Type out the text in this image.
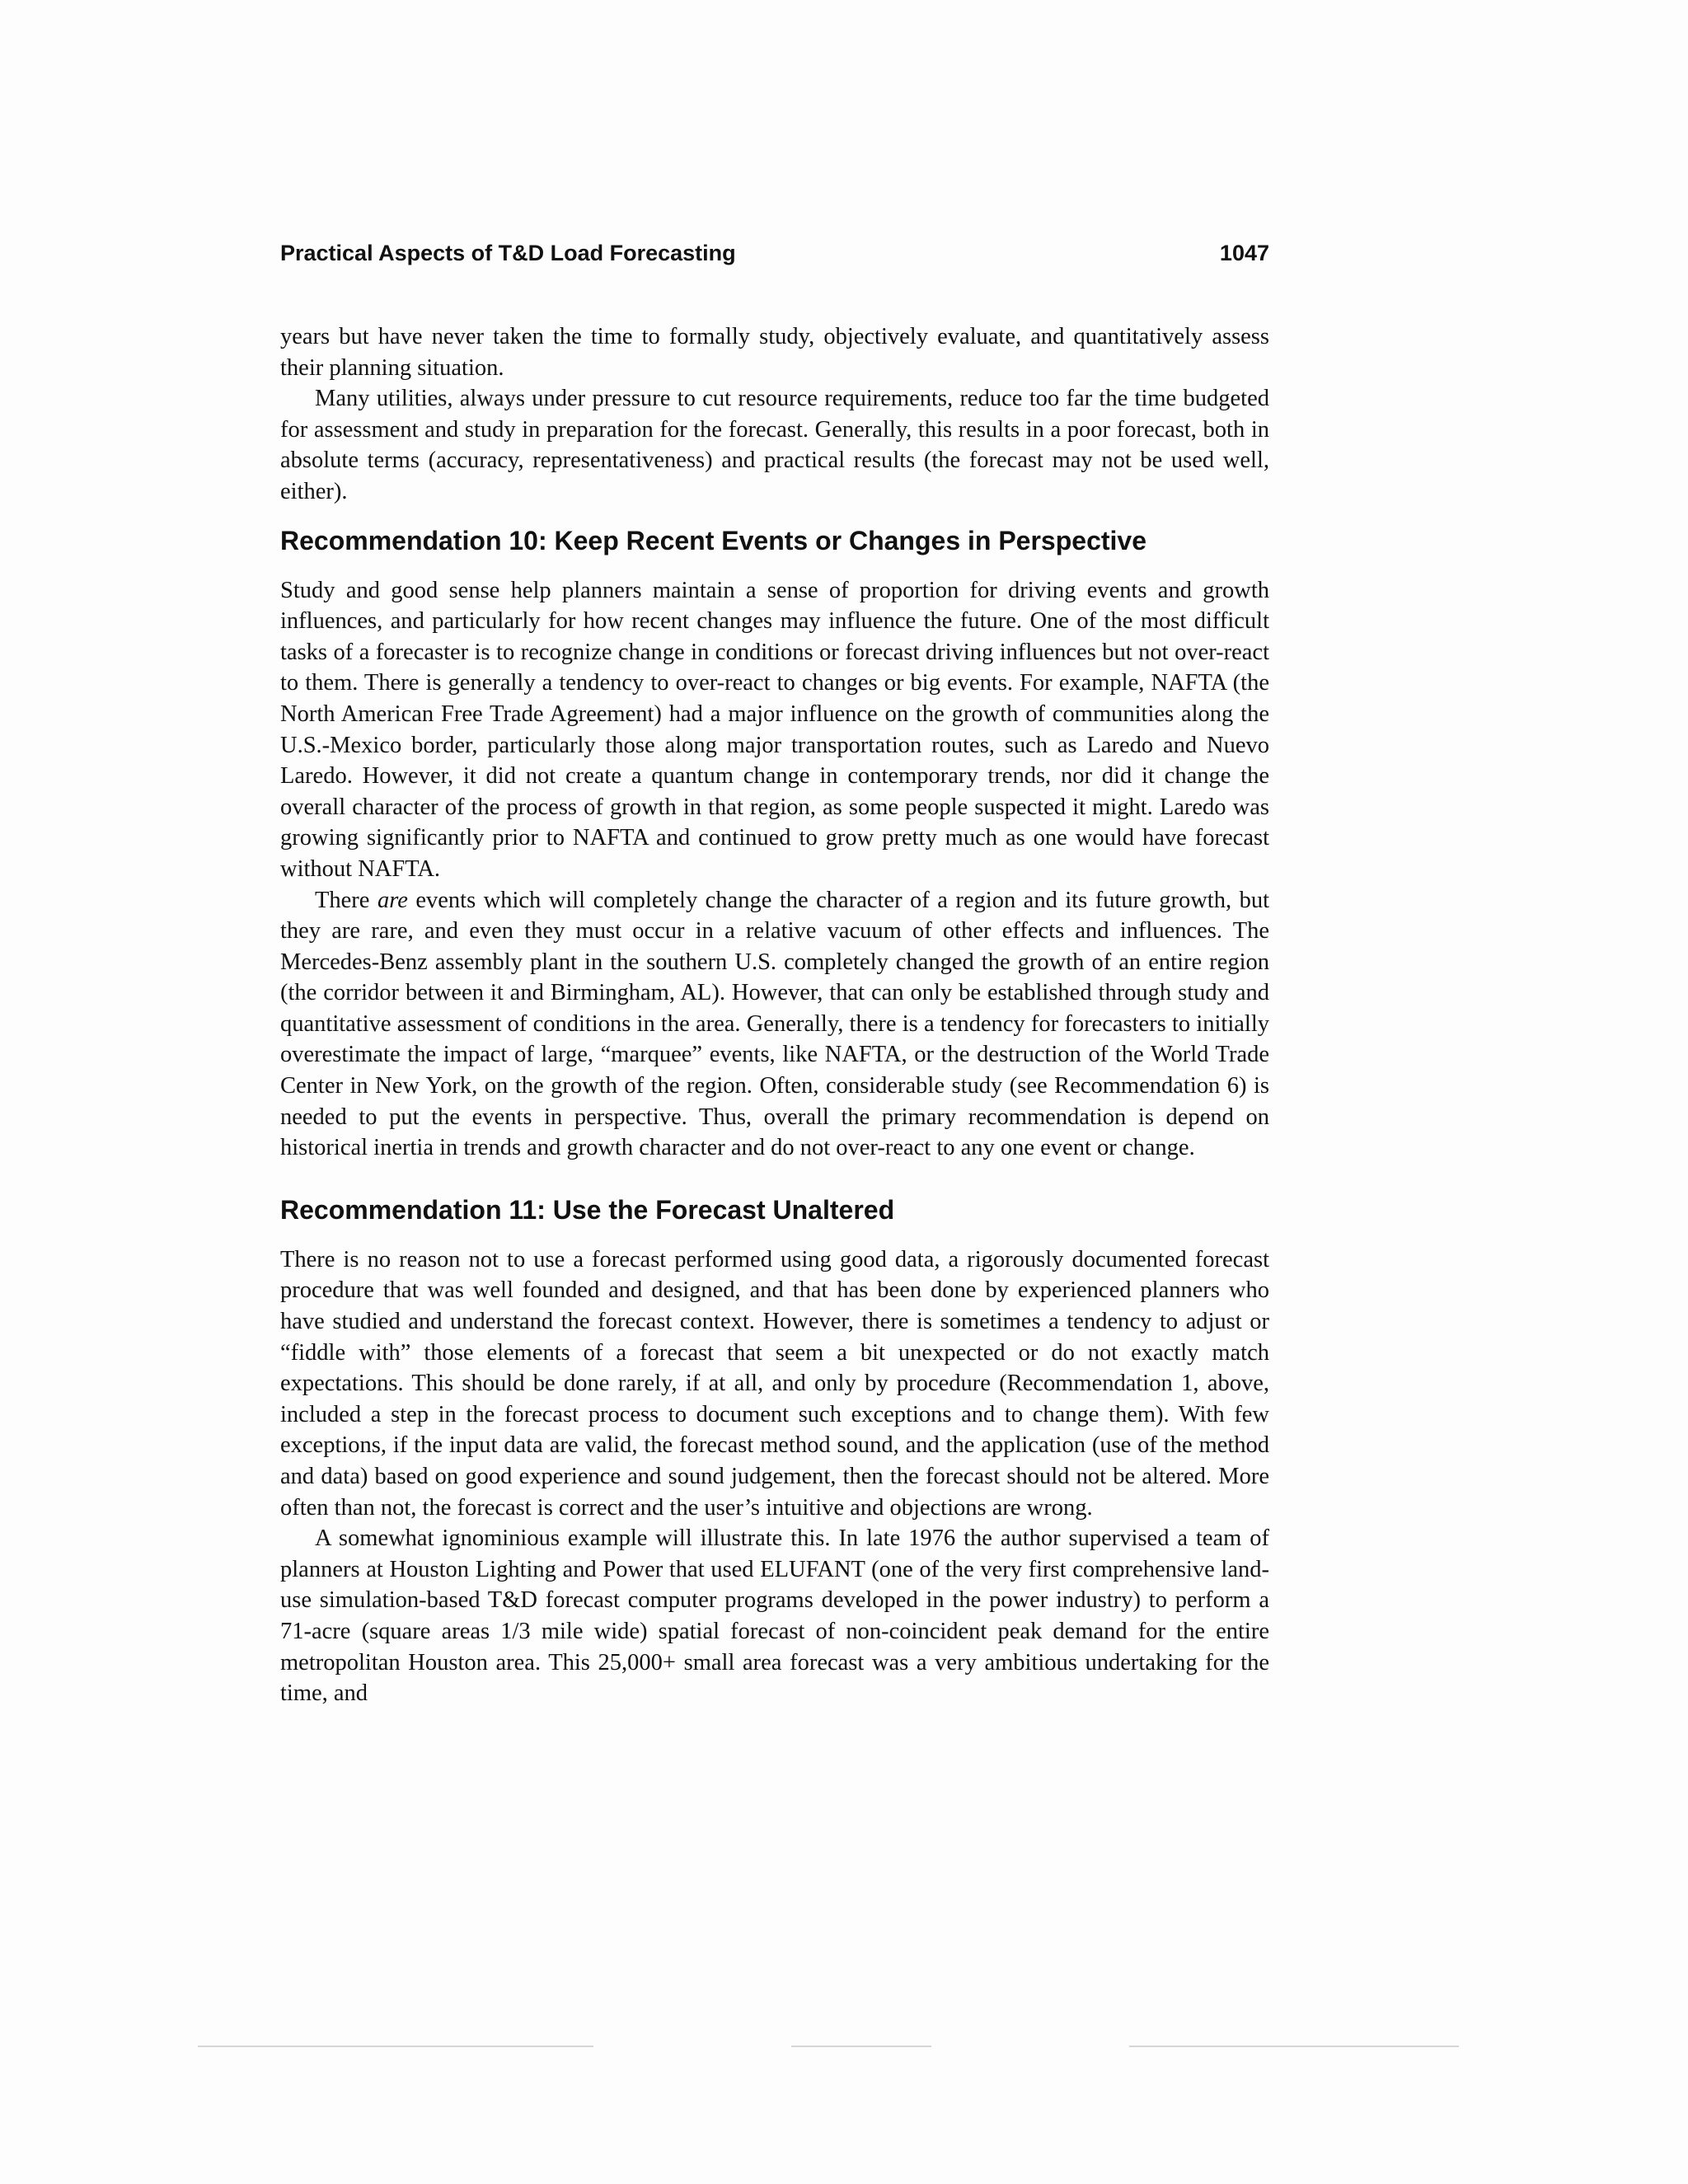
Practical Aspects of T&D Load Forecasting	1047

years but have never taken the time to formally study, objectively evaluate, and quantitatively assess their planning situation.

Many utilities, always under pressure to cut resource requirements, reduce too far the time budgeted for assessment and study in preparation for the forecast. Generally, this results in a poor forecast, both in absolute terms (accuracy, representativeness) and practical results (the forecast may not be used well, either).

Recommendation 10: Keep Recent Events or Changes in Perspective

Study and good sense help planners maintain a sense of proportion for driving events and growth influences, and particularly for how recent changes may influence the future. One of the most difficult tasks of a forecaster is to recognize change in conditions or forecast driving influences but not over-react to them. There is generally a tendency to over-react to changes or big events. For example, NAFTA (the North American Free Trade Agreement) had a major influence on the growth of communities along the U.S.-Mexico border, particularly those along major transportation routes, such as Laredo and Nuevo Laredo. However, it did not create a quantum change in contemporary trends, nor did it change the overall character of the process of growth in that region, as some people suspected it might. Laredo was growing significantly prior to NAFTA and continued to grow pretty much as one would have forecast without NAFTA.

There are events which will completely change the character of a region and its future growth, but they are rare, and even they must occur in a relative vacuum of other effects and influences. The Mercedes-Benz assembly plant in the southern U.S. completely changed the growth of an entire region (the corridor between it and Birmingham, AL). However, that can only be established through study and quantitative assessment of conditions in the area. Generally, there is a tendency for forecasters to initially overestimate the impact of large, “marquee” events, like NAFTA, or the destruction of the World Trade Center in New York, on the growth of the region. Often, considerable study (see Recommendation 6) is needed to put the events in perspective. Thus, overall the primary recommendation is depend on historical inertia in trends and growth character and do not over-react to any one event or change.

Recommendation 11: Use the Forecast Unaltered

There is no reason not to use a forecast performed using good data, a rigorously documented forecast procedure that was well founded and designed, and that has been done by experienced planners who have studied and understand the forecast context. However, there is sometimes a tendency to adjust or “fiddle with” those elements of a forecast that seem a bit unexpected or do not exactly match expectations. This should be done rarely, if at all, and only by procedure (Recommendation 1, above, included a step in the forecast process to document such exceptions and to change them). With few exceptions, if the input data are valid, the forecast method sound, and the application (use of the method and data) based on good experience and sound judgement, then the forecast should not be altered. More often than not, the forecast is correct and the user’s intuitive and objections are wrong.

A somewhat ignominious example will illustrate this. In late 1976 the author supervised a team of planners at Houston Lighting and Power that used ELUFANT (one of the very first comprehensive land-use simulation-based T&D forecast computer programs developed in the power industry) to perform a 71-acre (square areas 1/3 mile wide) spatial forecast of non-coincident peak demand for the entire metropolitan Houston area. This 25,000+ small area forecast was a very ambitious undertaking for the time, and
